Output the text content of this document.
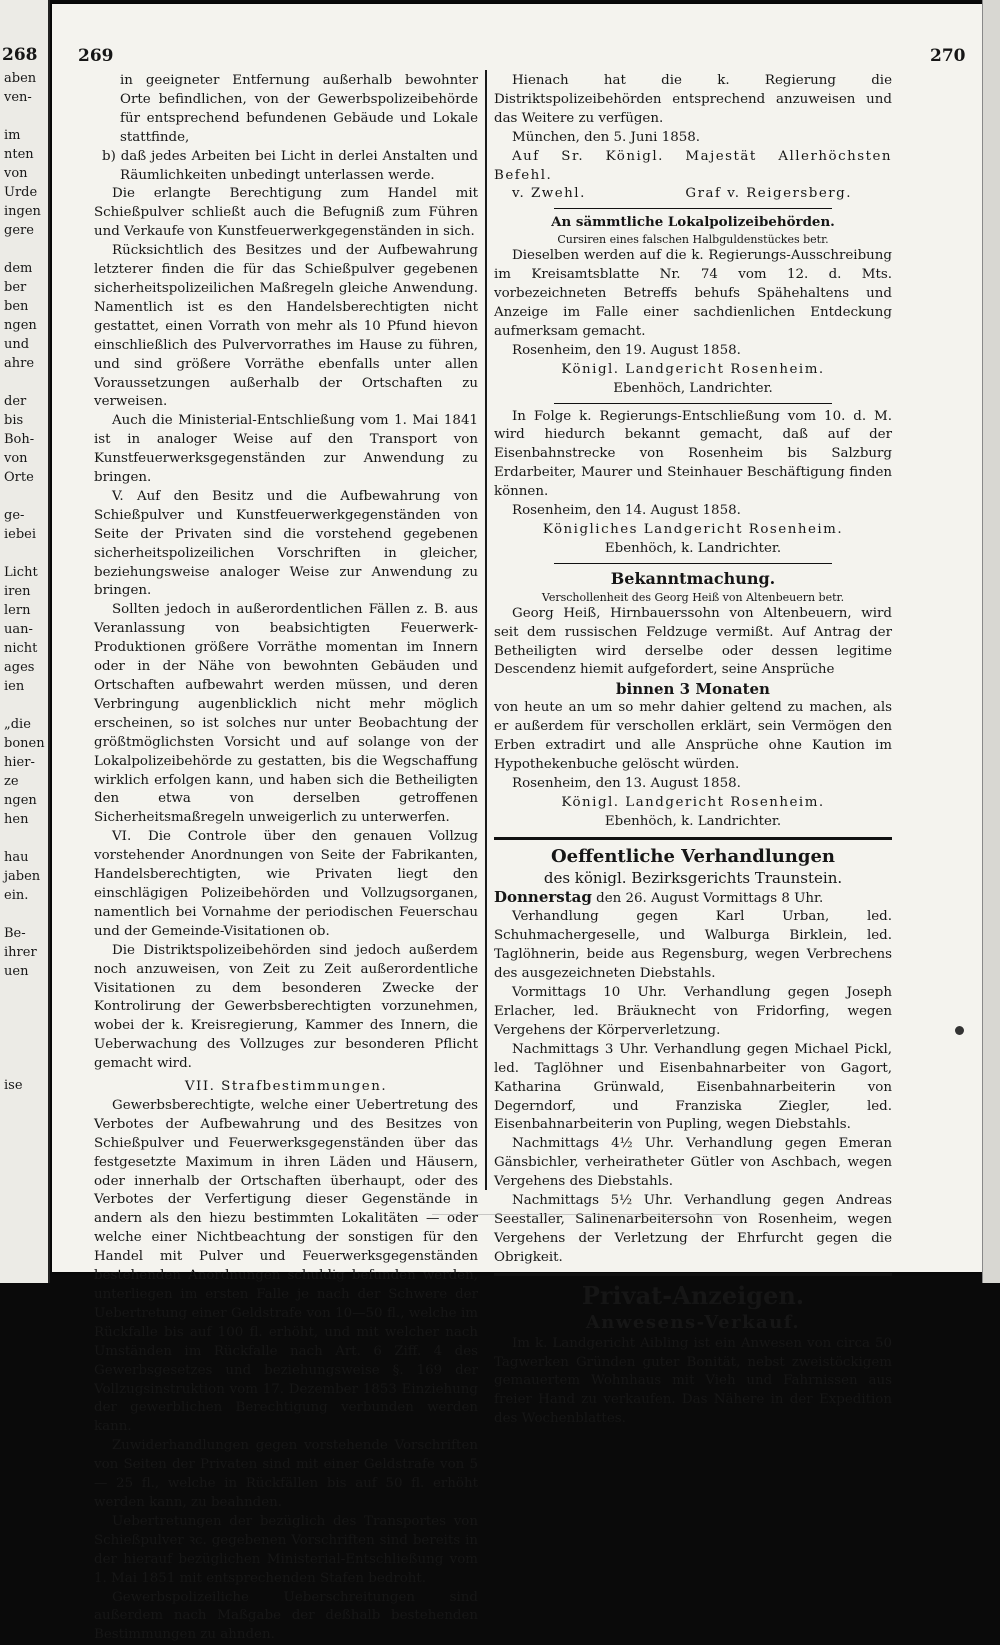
268
aben
ven-
im
nten
von
Urde
ingen
gere
dem
ber
ben
ngen
und
ahre
der
bis
Boh-
von
Orte
ge-
iebei
Licht
iren
lern
uan-
nicht
ages
ien
„die
bonen
hier-
ze
ngen
hen
hau
jaben
ein.
Be-
ihrer
uen
ise
269	270

in geeigneter Entfernung außerhalb bewohnter Orte befindlichen, von der Gewerbspolizeibehörde für entsprechend befundenen Gebäude und Lokale stattfinde,

b) daß jedes Arbeiten bei Licht in derlei Anstalten und Räumlichkeiten unbedingt unterlassen werde.

Die erlangte Berechtigung zum Handel mit Schießpulver schließt auch die Befugniß zum Führen und Verkaufe von Kunstfeuerwerkgegenständen in sich.

Rücksichtlich des Besitzes und der Aufbewahrung letzterer finden die für das Schießpulver gegebenen sicherheitspolizeilichen Maßregeln gleiche Anwendung. Namentlich ist es den Handelsberechtigten nicht gestattet, einen Vorrath von mehr als 10 Pfund hievon einschließlich des Pulvervorrathes im Hause zu führen, und sind größere Vorräthe ebenfalls unter allen Voraussetzungen außerhalb der Ortschaften zu verweisen.

Auch die Ministerial-Entschließung vom 1. Mai 1841 ist in analoger Weise auf den Transport von Kunstfeuerwerksgegenständen zur Anwendung zu bringen.

V. Auf den Besitz und die Aufbewahrung von Schießpulver und Kunstfeuerwerkgegenständen von Seite der Privaten sind die vorstehend gegebenen sicherheitspolizeilichen Vorschriften in gleicher, beziehungsweise analoger Weise zur Anwendung zu bringen.

Sollten jedoch in außerordentlichen Fällen z. B. aus Veranlassung von beabsichtigten Feuerwerk-Produktionen größere Vorräthe momentan im Innern oder in der Nähe von bewohnten Gebäuden und Ortschaften aufbewahrt werden müssen, und deren Verbringung augenblicklich nicht mehr möglich erscheinen, so ist solches nur unter Beobachtung der größtmöglichsten Vorsicht und auf solange von der Lokalpolizeibehörde zu gestatten, bis die Wegschaffung wirklich erfolgen kann, und haben sich die Betheiligten den etwa von derselben getroffenen Sicherheitsmaßregeln unweigerlich zu unterwerfen.

VI. Die Controle über den genauen Vollzug vorstehender Anordnungen von Seite der Fabrikanten, Handelsberechtigten, wie Privaten liegt den einschlägigen Polizeibehörden und Vollzugsorganen, namentlich bei Vornahme der periodischen Feuerschau und der Gemeinde-Visitationen ob.

Die Distriktspolizeibehörden sind jedoch außerdem noch anzuweisen, von Zeit zu Zeit außerordentliche Visitationen zu dem besonderen Zwecke der Kontrolirung der Gewerbsberechtigten vorzunehmen, wobei der k. Kreisregierung, Kammer des Innern, die Ueberwachung des Vollzuges zur besonderen Pflicht gemacht wird.

VII. Strafbestimmungen.

Gewerbsberechtigte, welche einer Uebertretung des Verbotes der Aufbewahrung und des Besitzes von Schießpulver und Feuerwerksgegenständen über das festgesetzte Maximum in ihren Läden und Häusern, oder innerhalb der Ortschaften überhaupt, oder des Verbotes der Verfertigung dieser Gegenstände in andern als den hiezu bestimmten Lokalitäten — oder welche einer Nichtbeachtung der sonstigen für den Handel mit Pulver und Feuerwerksgegenständen bestehenden Anordnungen schuldig befunden werden, unterliegen im ersten Falle je nach der Schwere der Uebertretung einer Geldstrafe von 10—50 fl., welche im Rückfalle bis auf 100 fl. erhöht, und mit welcher nach Umständen im Rückfalle nach Art. 6 Ziff. 4 des Gewerbsgesetzes und beziehungsweise §. 169 der Vollzugsinstruktion vom 17. Dezember 1853 Einziehung der gewerblichen Berechtigung verbunden werden kann.

Zuwiderhandlungen gegen vorstehende Vorschriften von Seiten der Privaten sind mit einer Geldstrafe von 5 — 25 fl., welche in Rückfällen bis auf 50 fl. erhöht werden kann, zu beahnden.

Uebertretungen der bezüglich des Transportes von Schießpulver ꝛc. gegebenen Vorschriften sind bereits in der hierauf bezüglichen Ministerial-Entschließung vom 1. Mai 1851 mit entsprechenden Stafen bedroht.

Gewerbspolizeiliche Ueberschreitungen sind außerdem nach Maßgabe der deßhalb bestehenden Bestimmungen zu ahnden.

Hienach hat die k. Regierung die Distriktspolizeibehörden entsprechend anzuweisen und das Weitere zu verfügen.

München, den 5. Juni 1858.

Auf Sr. Königl. Majestät Allerhöchsten Befehl.

v. Zwehl.	Graf v. Reigersberg.

An sämmtliche Lokalpolizeibehörden.

Cursiren eines falschen Halbguldenstückes betr.

Dieselben werden auf die k. Regierungs-Ausschreibung im Kreisamtsblatte Nr. 74 vom 12. d. Mts. vorbezeichneten Betreffs behufs Spähehaltens und Anzeige im Falle einer sachdienlichen Entdeckung aufmerksam gemacht.

Rosenheim, den 19. August 1858.

Königl. Landgericht Rosenheim.

Ebenhöch, Landrichter.

In Folge k. Regierungs-Entschließung vom 10. d. M. wird hiedurch bekannt gemacht, daß auf der Eisenbahnstrecke von Rosenheim bis Salzburg Erdarbeiter, Maurer und Steinhauer Beschäftigung finden können.

Rosenheim, den 14. August 1858.

Königliches Landgericht Rosenheim.

Ebenhöch, k. Landrichter.

Bekanntmachung.

Verschollenheit des Georg Heiß von Altenbeuern betr.

Georg Heiß, Hirnbauerssohn von Altenbeuern, wird seit dem russischen Feldzuge vermißt. Auf Antrag der Betheiligten wird derselbe oder dessen legitime Descendenz hiemit aufgefordert, seine Ansprüche

binnen 3 Monaten

von heute an um so mehr dahier geltend zu machen, als er außerdem für verschollen erklärt, sein Vermögen den Erben extradirt und alle Ansprüche ohne Kaution im Hypothekenbuche gelöscht würden.

Rosenheim, den 13. August 1858.

Königl. Landgericht Rosenheim.

Ebenhöch, k. Landrichter.

Oeffentliche Verhandlungen

des königl. Bezirksgerichts Traunstein.

Donnerstag den 26. August Vormittags 8 Uhr.

Verhandlung gegen Karl Urban, led. Schuhmachergeselle, und Walburga Birklein, led. Taglöhnerin, beide aus Regensburg, wegen Verbrechens des ausgezeichneten Diebstahls.

Vormittags 10 Uhr. Verhandlung gegen Joseph Erlacher, led. Bräuknecht von Fridorfing, wegen Vergehens der Körperverletzung.

Nachmittags 3 Uhr. Verhandlung gegen Michael Pickl, led. Taglöhner und Eisenbahnarbeiter von Gagort, Katharina Grünwald, Eisenbahnarbeiterin von Degerndorf, und Franziska Ziegler, led. Eisenbahnarbeiterin von Pupling, wegen Diebstahls.

Nachmittags 4½ Uhr. Verhandlung gegen Emeran Gänsbichler, verheiratheter Gütler von Aschbach, wegen Vergehens des Diebstahls.

Nachmittags 5½ Uhr. Verhandlung gegen Andreas Seestaller, Salinenarbeitersohn von Rosenheim, wegen Vergehens der Verletzung der Ehrfurcht gegen die Obrigkeit.

Privat-Anzeigen.

Anwesens-Verkauf.

Im k. Landgericht Aibling ist ein Anwesen von circa 50 Tagwerken Gründen guter Bonität, nebst zweistöckigem gemauertem Wohnhaus mit Vieh und Fahrnissen aus freier Hand zu verkaufen. Das Nähere in der Expedition des Wochenblattes.
